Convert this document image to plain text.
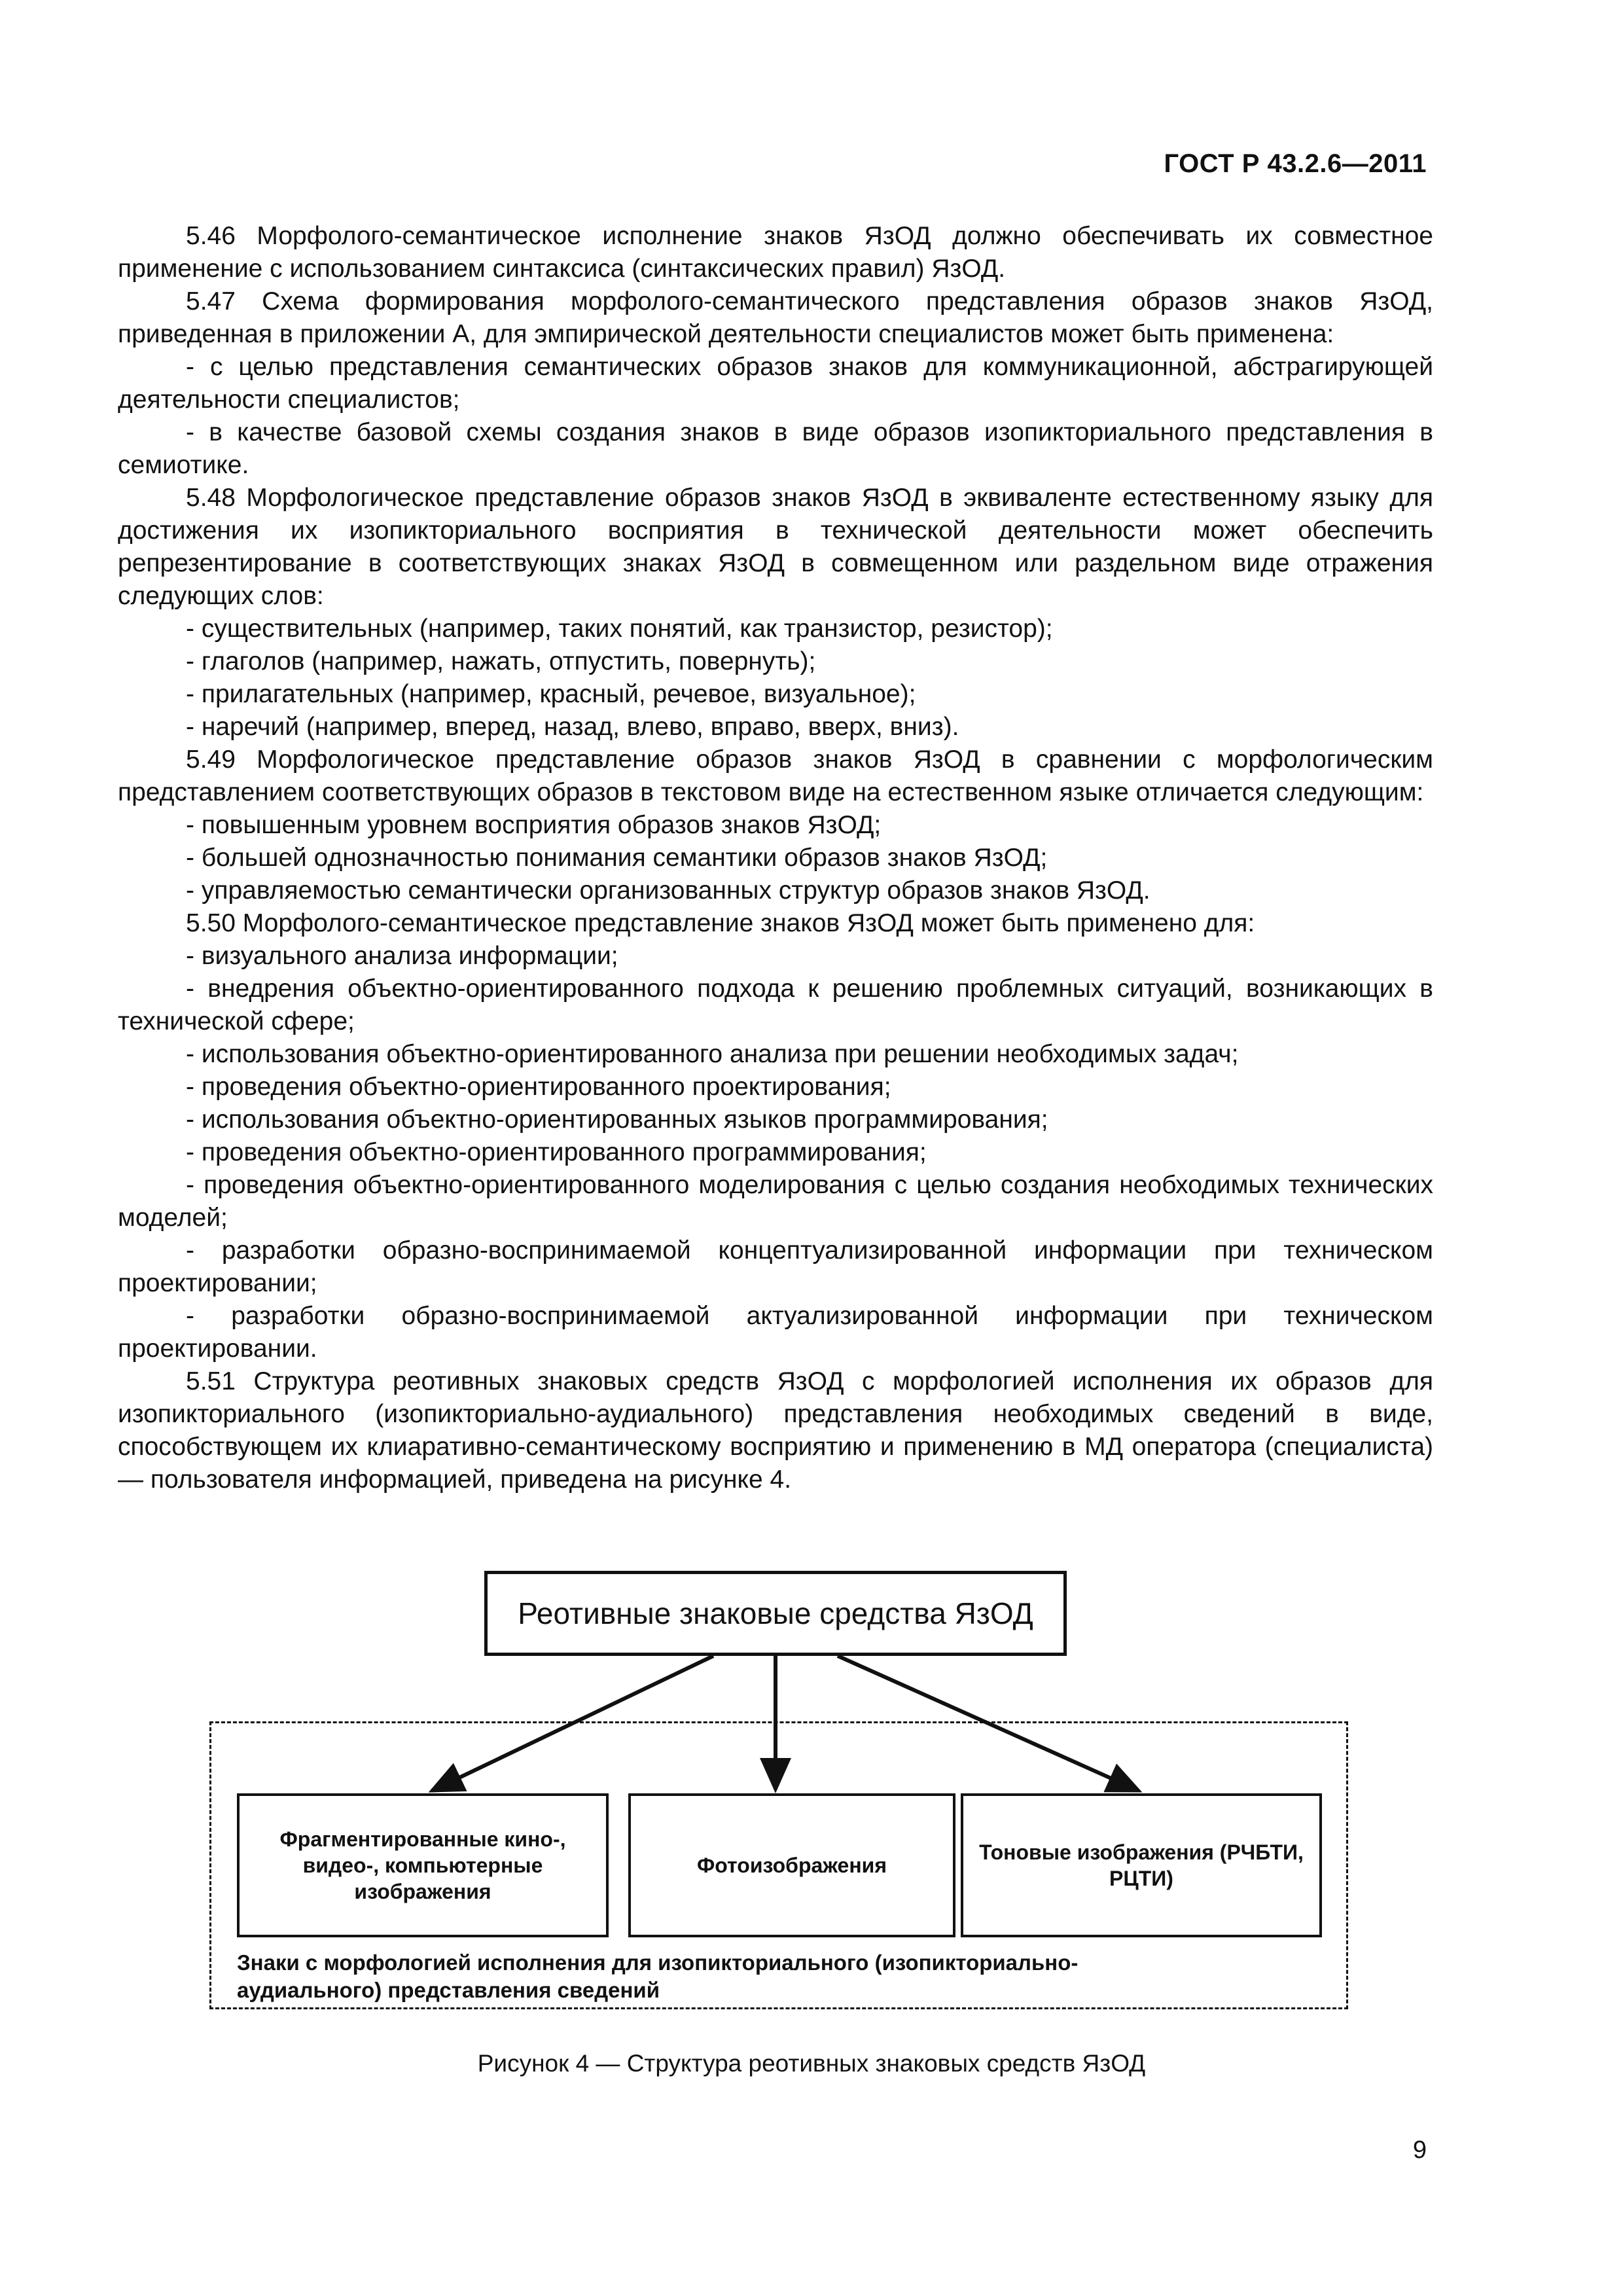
ГОСТ Р 43.2.6—2011

5.46 Морфолого-семантическое исполнение знаков ЯзОД должно обеспечивать их совместное применение с использованием синтаксиса (синтаксических правил) ЯзОД.

5.47 Схема формирования морфолого-семантического представления образов знаков ЯзОД, приведенная в приложении А, для эмпирической деятельности специалистов может быть применена:

- с целью представления семантических образов знаков для коммуникационной, абстрагирующей деятельности специалистов;

- в качестве базовой схемы создания знаков в виде образов изопикториального представления в семиотике.

5.48 Морфологическое представление образов знаков ЯзОД в эквиваленте естественному языку для достижения их изопикториального восприятия в технической деятельности может обеспечить репрезентирование в соответствующих знаках ЯзОД в совмещенном или раздельном виде отражения следующих слов:

- существительных (например, таких понятий, как транзистор, резистор);

- глаголов (например, нажать, отпустить, повернуть);

- прилагательных (например, красный, речевое, визуальное);

- наречий (например, вперед, назад, влево, вправо, вверх, вниз).

5.49 Морфологическое представление образов знаков ЯзОД в сравнении с морфологическим представлением соответствующих образов в текстовом виде на естественном языке отличается следующим:

- повышенным уровнем восприятия образов знаков ЯзОД;

- большей однозначностью понимания семантики образов знаков ЯзОД;

- управляемостью семантически организованных структур образов знаков ЯзОД.

5.50 Морфолого-семантическое представление знаков ЯзОД может быть применено для:

- визуального анализа информации;

- внедрения объектно-ориентированного подхода к решению проблемных ситуаций, возникающих в технической сфере;

- использования объектно-ориентированного анализа при решении необходимых задач;

- проведения объектно-ориентированного проектирования;

- использования объектно-ориентированных языков программирования;

- проведения объектно-ориентированного программирования;

- проведения объектно-ориентированного моделирования с целью создания необходимых технических моделей;

- разработки образно-воспринимаемой концептуализированной информации при техническом проектировании;

- разработки образно-воспринимаемой актуализированной информации при техническом проектировании.

5.51 Структура реотивных знаковых средств ЯзОД с морфологией исполнения их образов для изопикториального (изопикториально-аудиального) представления необходимых сведений в виде, способствующем их клиаративно-семантическому восприятию и применению в МД оператора (специалиста) — пользователя информацией, приведена на рисунке 4.

Реотивные знаковые средства ЯзОД
Фрагментированные кино-, видео-, компьютерные изображения
Фотоизображения
Тоновые изображения (РЧБТИ, РЦТИ)
Знаки с морфологией исполнения для изопикториального (изопикториально-аудиального) представления сведений
Рисунок 4 — Структура реотивных знаковых средств ЯзОД
9
